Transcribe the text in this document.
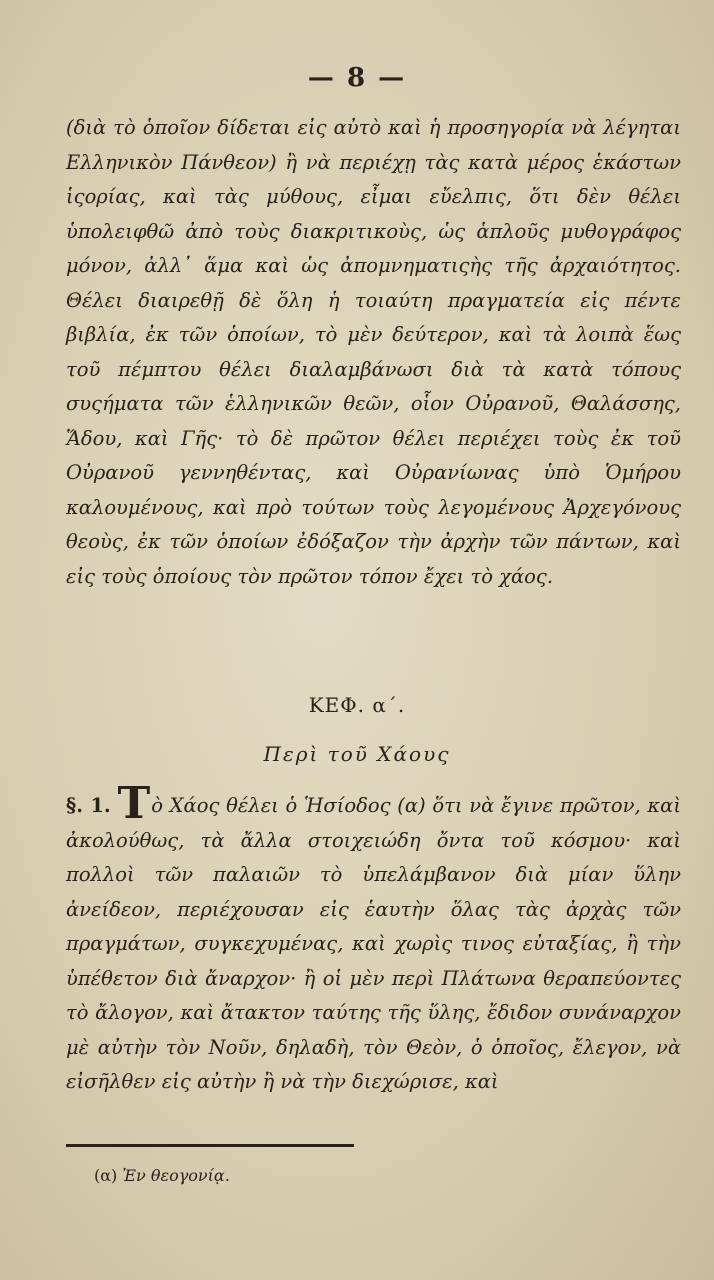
— 8 —

(διὰ τὸ ὁποῖον δίδεται εἰς αὐτὸ καὶ ἡ προσηγορία νὰ λέγηται Ελληνικὸν Πάνθεον) ἢ νὰ περιέχῃ τὰς κατὰ μέρος ἑκάστων ἱςορίας, καὶ τὰς μύθους, εἶμαι εὔελπις, ὅτι δὲν θέλει ὑπολειφθῶ ἀπὸ τοὺς διακριτικοὺς, ὡς ἁπλοῦς μυθογράφος μόνον, ἀλλ᾽ ἅμα καὶ ὡς ἀπομνηματιςὴς τῆς ἀρχαιότητος. Θέλει διαιρεθῇ δὲ ὅλη ἡ τοιαύτη πραγματεία εἰς πέντε βιβλία, ἐκ τῶν ὁποίων, τὸ μὲν δεύτερον, καὶ τὰ λοιπὰ ἕως τοῦ πέμπτου θέλει διαλαμβάνωσι διὰ τὰ κατὰ τόπους συςήματα τῶν ἑλληνικῶν θεῶν, οἷον Οὐρανοῦ, Θαλάσσης, Ἅδου, καὶ Γῆς· τὸ δὲ πρῶτον θέλει περιέχει τοὺς ἐκ τοῦ Οὐρανοῦ γεννηθέντας, καὶ Οὐρανίωνας ὑπὸ Ὁμήρου καλουμένους, καὶ πρὸ τούτων τοὺς λεγομένους Ἀρχεγόνους θεοὺς, ἐκ τῶν ὁποίων ἐδόξαζον τὴν ἀρχὴν τῶν πάντων, καὶ εἰς τοὺς ὁποίους τὸν πρῶτον τόπον ἔχει τὸ χάος.

ΚΕΦ. α΄.
Περὶ τοῦ Χάους

§. 1. Τὸ Χάος θέλει ὁ Ἡσίοδος (α) ὅτι νὰ ἔγινε πρῶτον, καὶ ἀκολούθως, τὰ ἄλλα στοιχειώδη ὄντα τοῦ κόσμου· καὶ πολλοὶ τῶν παλαιῶν τὸ ὑπελάμβανον διὰ μίαν ὕλην ἀνείδεον, περιέχουσαν εἰς ἑαυτὴν ὅλας τὰς ἀρχὰς τῶν πραγμάτων, συγκεχυμένας, καὶ χωρὶς τινος εὐταξίας, ἢ τὴν ὑπέθετον διὰ ἄναρχον· ἢ οἱ μὲν περὶ Πλάτωνα θεραπεύοντες τὸ ἄλογον, καὶ ἄτακτον ταύτης τῆς ὕλης, ἔδιδον συνάναρχον μὲ αὐτὴν τὸν Νοῦν, δηλαδὴ, τὸν Θεὸν, ὁ ὁποῖος, ἔλεγον, νὰ εἰσῆλθεν εἰς αὐτὴν ἢ νὰ τὴν διεχώρισε, καὶ

(α) Ἐν θεογονίᾳ.
